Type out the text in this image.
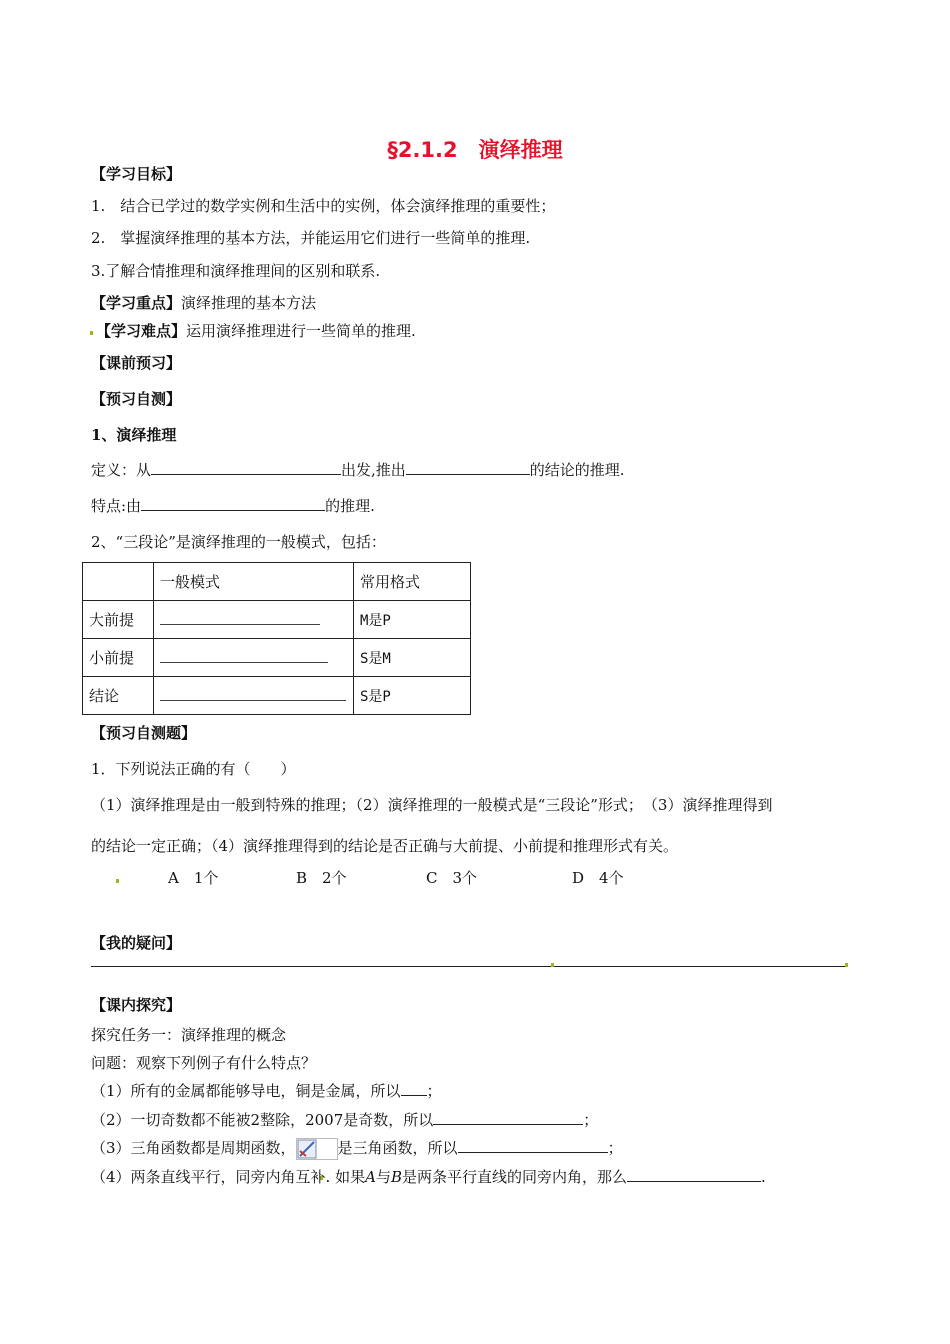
§2.1.2　演绎推理
【学习目标】
1.　结合已学过的数学实例和生活中的实例，体会演绎推理的重要性；
2.　掌握演绎推理的基本方法，并能运用它们进行一些简单的推理.
3.了解合情推理和演绎推理间的区别和联系.
【学习重点】演绎推理的基本方法
【学习难点】运用演绎推理进行一些简单的推理.
【课前预习】
【预习自测】
1、演绎推理
定义：从	出发,推出	的结论的推理.
特点:由	的推理.
2、“三段论”是演绎推理的一般模式，包括：
	一般模式	常用格式
大前提		M是P
小前提		S是M
结论		S是P
【预习自测题】
1．下列说法正确的有（　　）
（1）演绎推理是由一般到特殊的推理；（2）演绎推理的一般模式是“三段论”形式；　（3）演绎推理得到
的结论一定正确；（4）演绎推理得到的结论是否正确与大前提、小前提和推理形式有关。
A　1个	B　2个	C　3个	D　4个
【我的疑问】
【课内探究】
探究任务一：演绎推理的概念
问题：观察下列例子有什么特点？
（1）所有的金属都能够导电，铜是金属，所以 ；
（2）一切奇数都不能被2整除，2007是奇数，所以	；
（3）三角函数都是周期函数，	是三角函数，所以	；
（4）两条直线平行，同旁内角互补. 如果A与B是两条平行直线的同旁内角，那么	.
